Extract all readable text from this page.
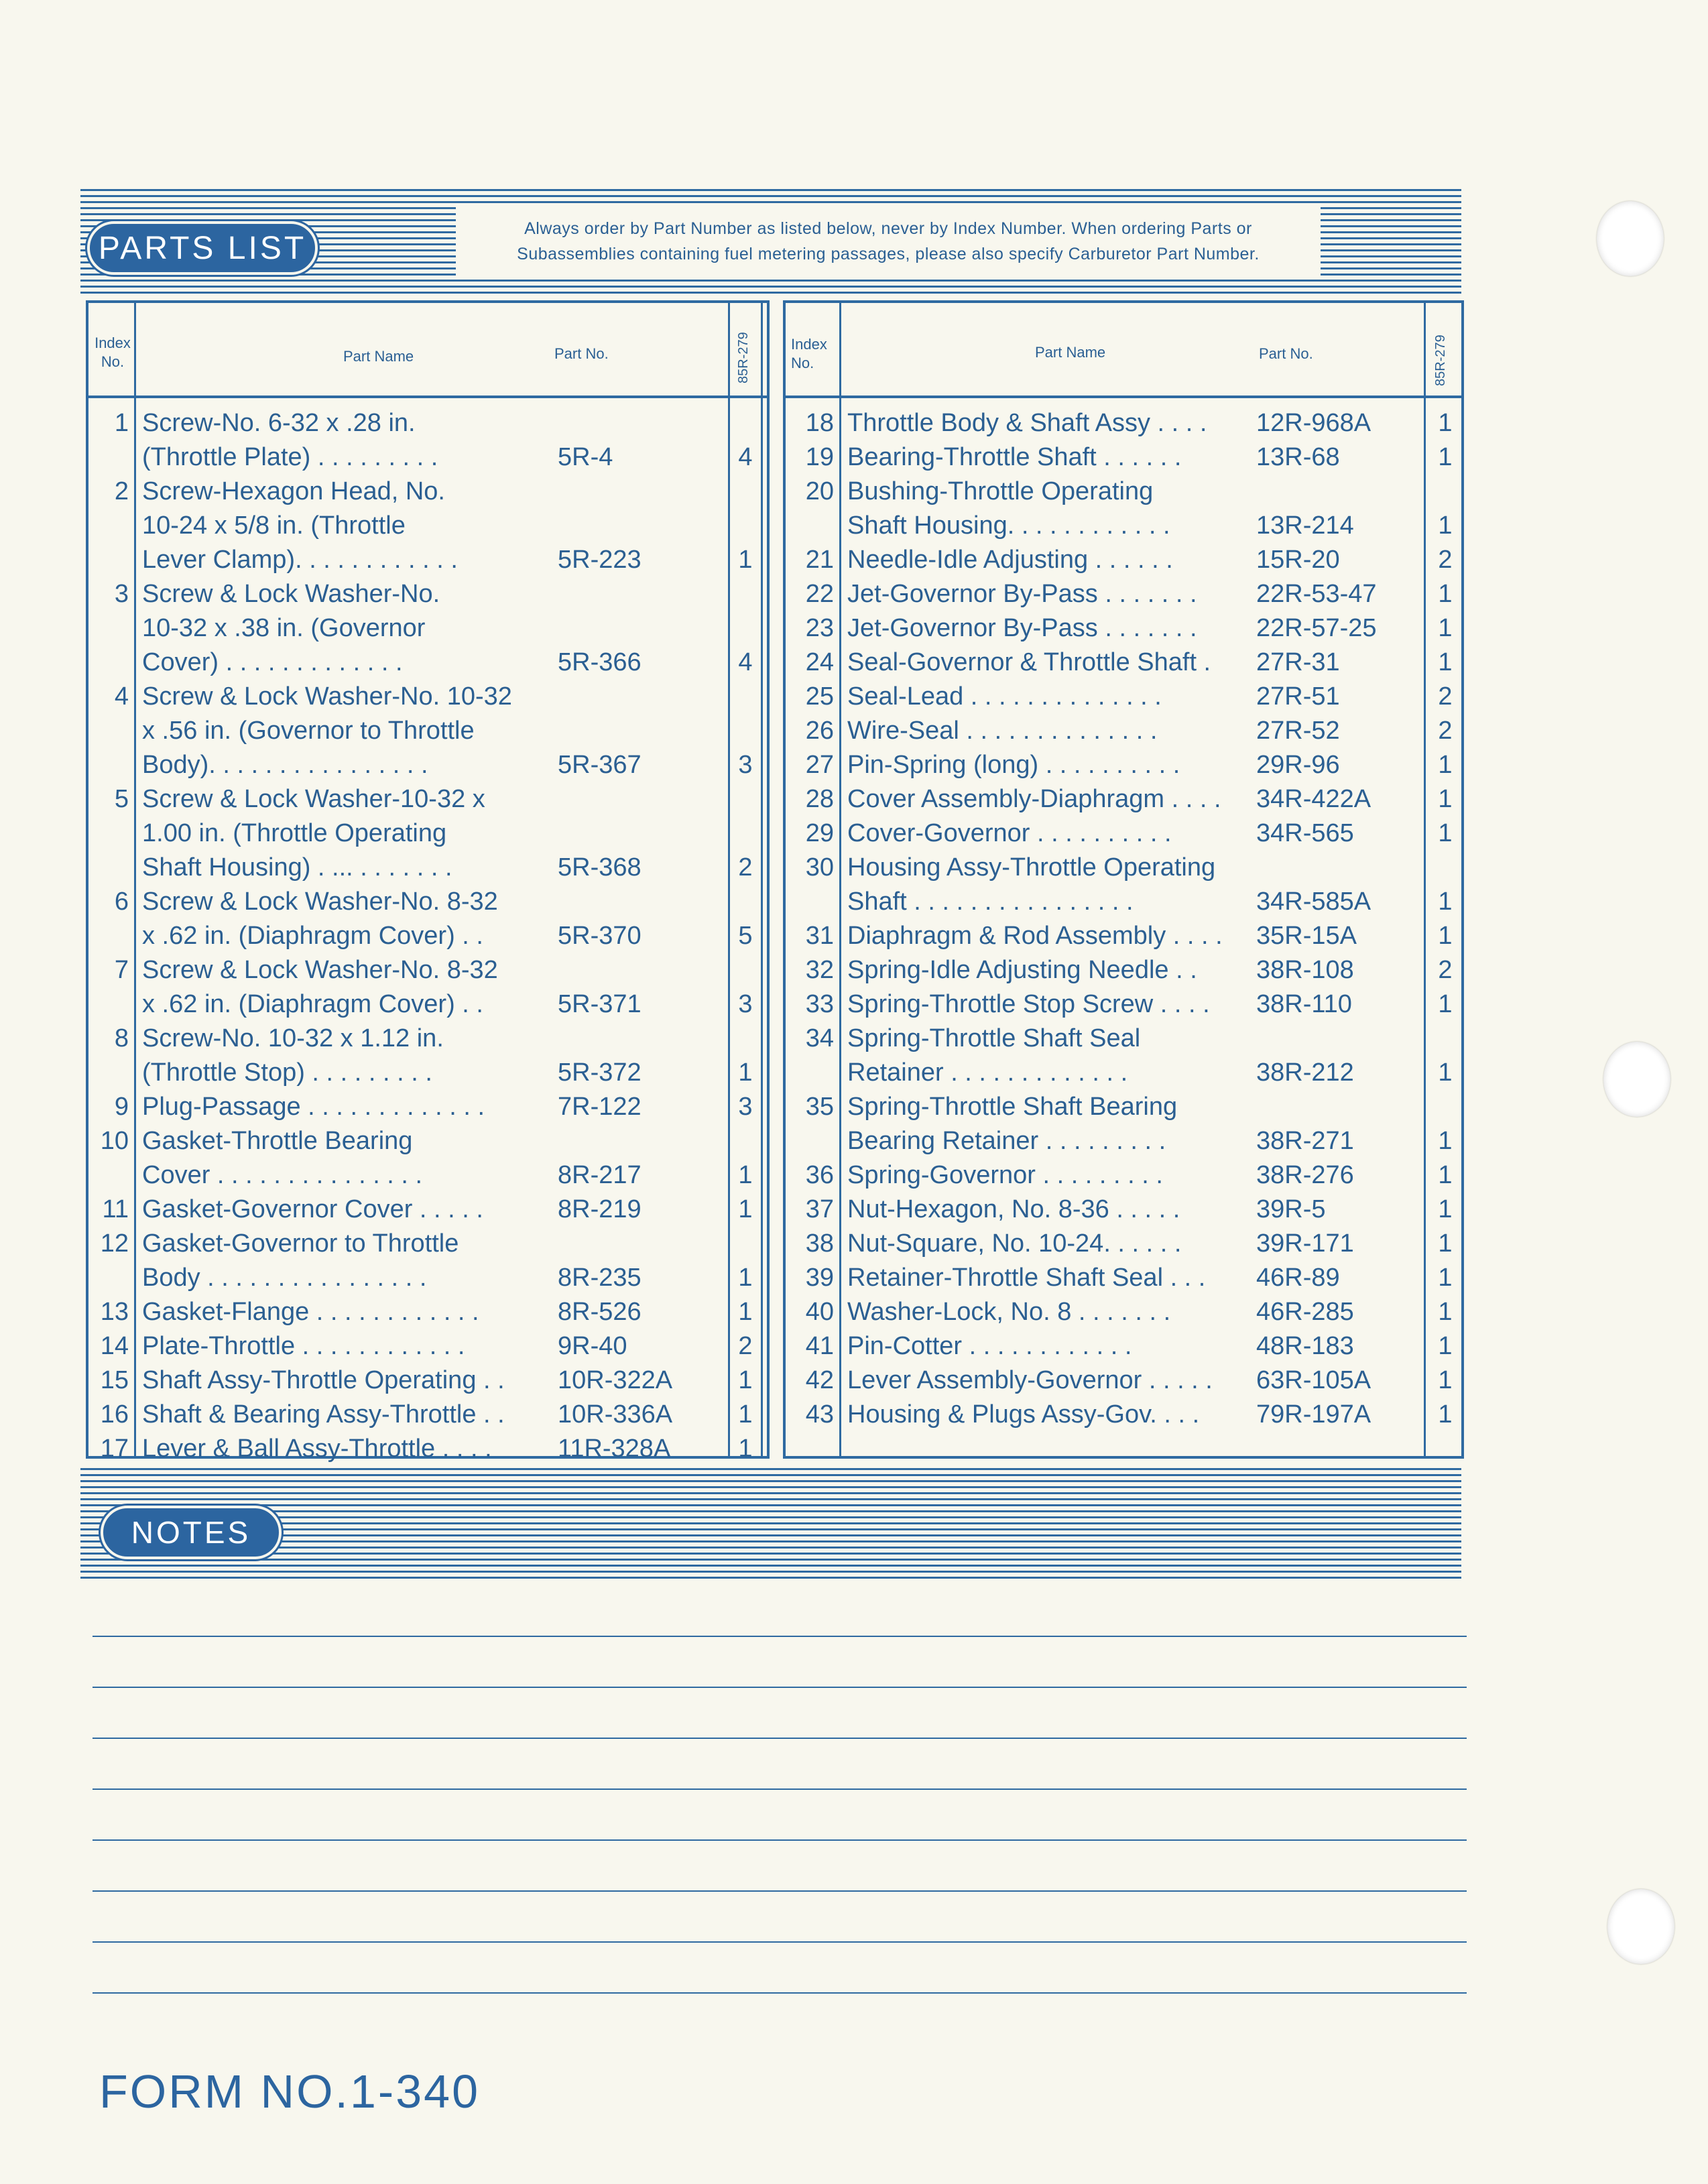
PARTS LIST
Always order by Part Number as listed below, never by Index Number. When ordering Parts or
Subassemblies containing fuel metering passages, please also specify Carburetor Part Number.
Index No.	Part Name	Part No.	85R-279
1 Screw-No. 6-32 x .28 in.
(Throttle Plate) . . . . . . . . .	5R-4	4
2 Screw-Hexagon Head, No.
10-24 x 5/8 in. (Throttle
Lever Clamp). . . . . . . . . . . .	5R-223	1
3 Screw & Lock Washer-No.
10-32 x .38 in. (Governor
Cover) . . . . . . . . . . . . .	5R-366	4
4 Screw & Lock Washer-No. 10-32
x .56 in. (Governor to Throttle
Body). . . . . . . . . . . . . . . .	5R-367	3
5 Screw & Lock Washer-10-32 x
1.00 in. (Throttle Operating
Shaft Housing) . ... . . . . . . .	5R-368	2
6 Screw & Lock Washer-No. 8-32
x .62 in. (Diaphragm Cover) . .	5R-370	5
7 Screw & Lock Washer-No. 8-32
x .62 in. (Diaphragm Cover) . .	5R-371	3
8 Screw-No. 10-32 x 1.12 in.
(Throttle Stop) . . . . . . . . .	5R-372	1
9 Plug-Passage . . . . . . . . . . . . .	7R-122	3
10 Gasket-Throttle Bearing
Cover . . . . . . . . . . . . . . .	8R-217	1
11 Gasket-Governor Cover . . . . .	8R-219	1
12 Gasket-Governor to Throttle
Body . . . . . . . . . . . . . . . .	8R-235	1
13 Gasket-Flange . . . . . . . . . . . .	8R-526	1
14 Plate-Throttle . . . . . . . . . . . .	9R-40	2
15 Shaft Assy-Throttle Operating . .	10R-322A	1
16 Shaft & Bearing Assy-Throttle . .	10R-336A	1
17 Lever & Ball Assy-Throttle . . . .	11R-328A	1
Index No.
Part Name	Part No.	85R-279
18 Throttle Body & Shaft Assy . . . .	12R-968A	1
19 Bearing-Throttle Shaft . . . . . .	13R-68	1
20 Bushing-Throttle Operating
Shaft Housing. . . . . . . . . . . .	13R-214	1
21 Needle-Idle Adjusting . . . . . .	15R-20	2
22 Jet-Governor By-Pass . . . . . . .	22R-53-47	1
23 Jet-Governor By-Pass . . . . . . .	22R-57-25	1
24 Seal-Governor & Throttle Shaft .	27R-31	1
25 Seal-Lead . . . . . . . . . . . . . .	27R-51	2
26 Wire-Seal . . . . . . . . . . . . . .	27R-52	2
27 Pin-Spring (long) . . . . . . . . . .	29R-96	1
28 Cover Assembly-Diaphragm . . . .	34R-422A	1
29 Cover-Governor . . . . . . . . . .	34R-565	1
30 Housing Assy-Throttle Operating
Shaft . . . . . . . . . . . . . . . .	34R-585A	1
31 Diaphragm & Rod Assembly . . . .	35R-15A	1
32 Spring-Idle Adjusting Needle . .	38R-108	2
33 Spring-Throttle Stop Screw . . . .	38R-110	1
34 Spring-Throttle Shaft Seal
Retainer . . . . . . . . . . . . .	38R-212	1
35 Spring-Throttle Shaft Bearing
Bearing Retainer . . . . . . . . .	38R-271	1
36 Spring-Governor . . . . . . . . .	38R-276	1
37 Nut-Hexagon, No. 8-36 . . . . .	39R-5	1
38 Nut-Square, No. 10-24. . . . . .	39R-171	1
39 Retainer-Throttle Shaft Seal . . .	46R-89	1
40 Washer-Lock, No. 8 . . . . . . .	46R-285	1
41 Pin-Cotter . . . . . . . . . . . .	48R-183	1
42 Lever Assembly-Governor . . . . .	63R-105A	1
43 Housing & Plugs Assy-Gov. . . .	79R-197A	1
NOTES
FORM NO.1-340
